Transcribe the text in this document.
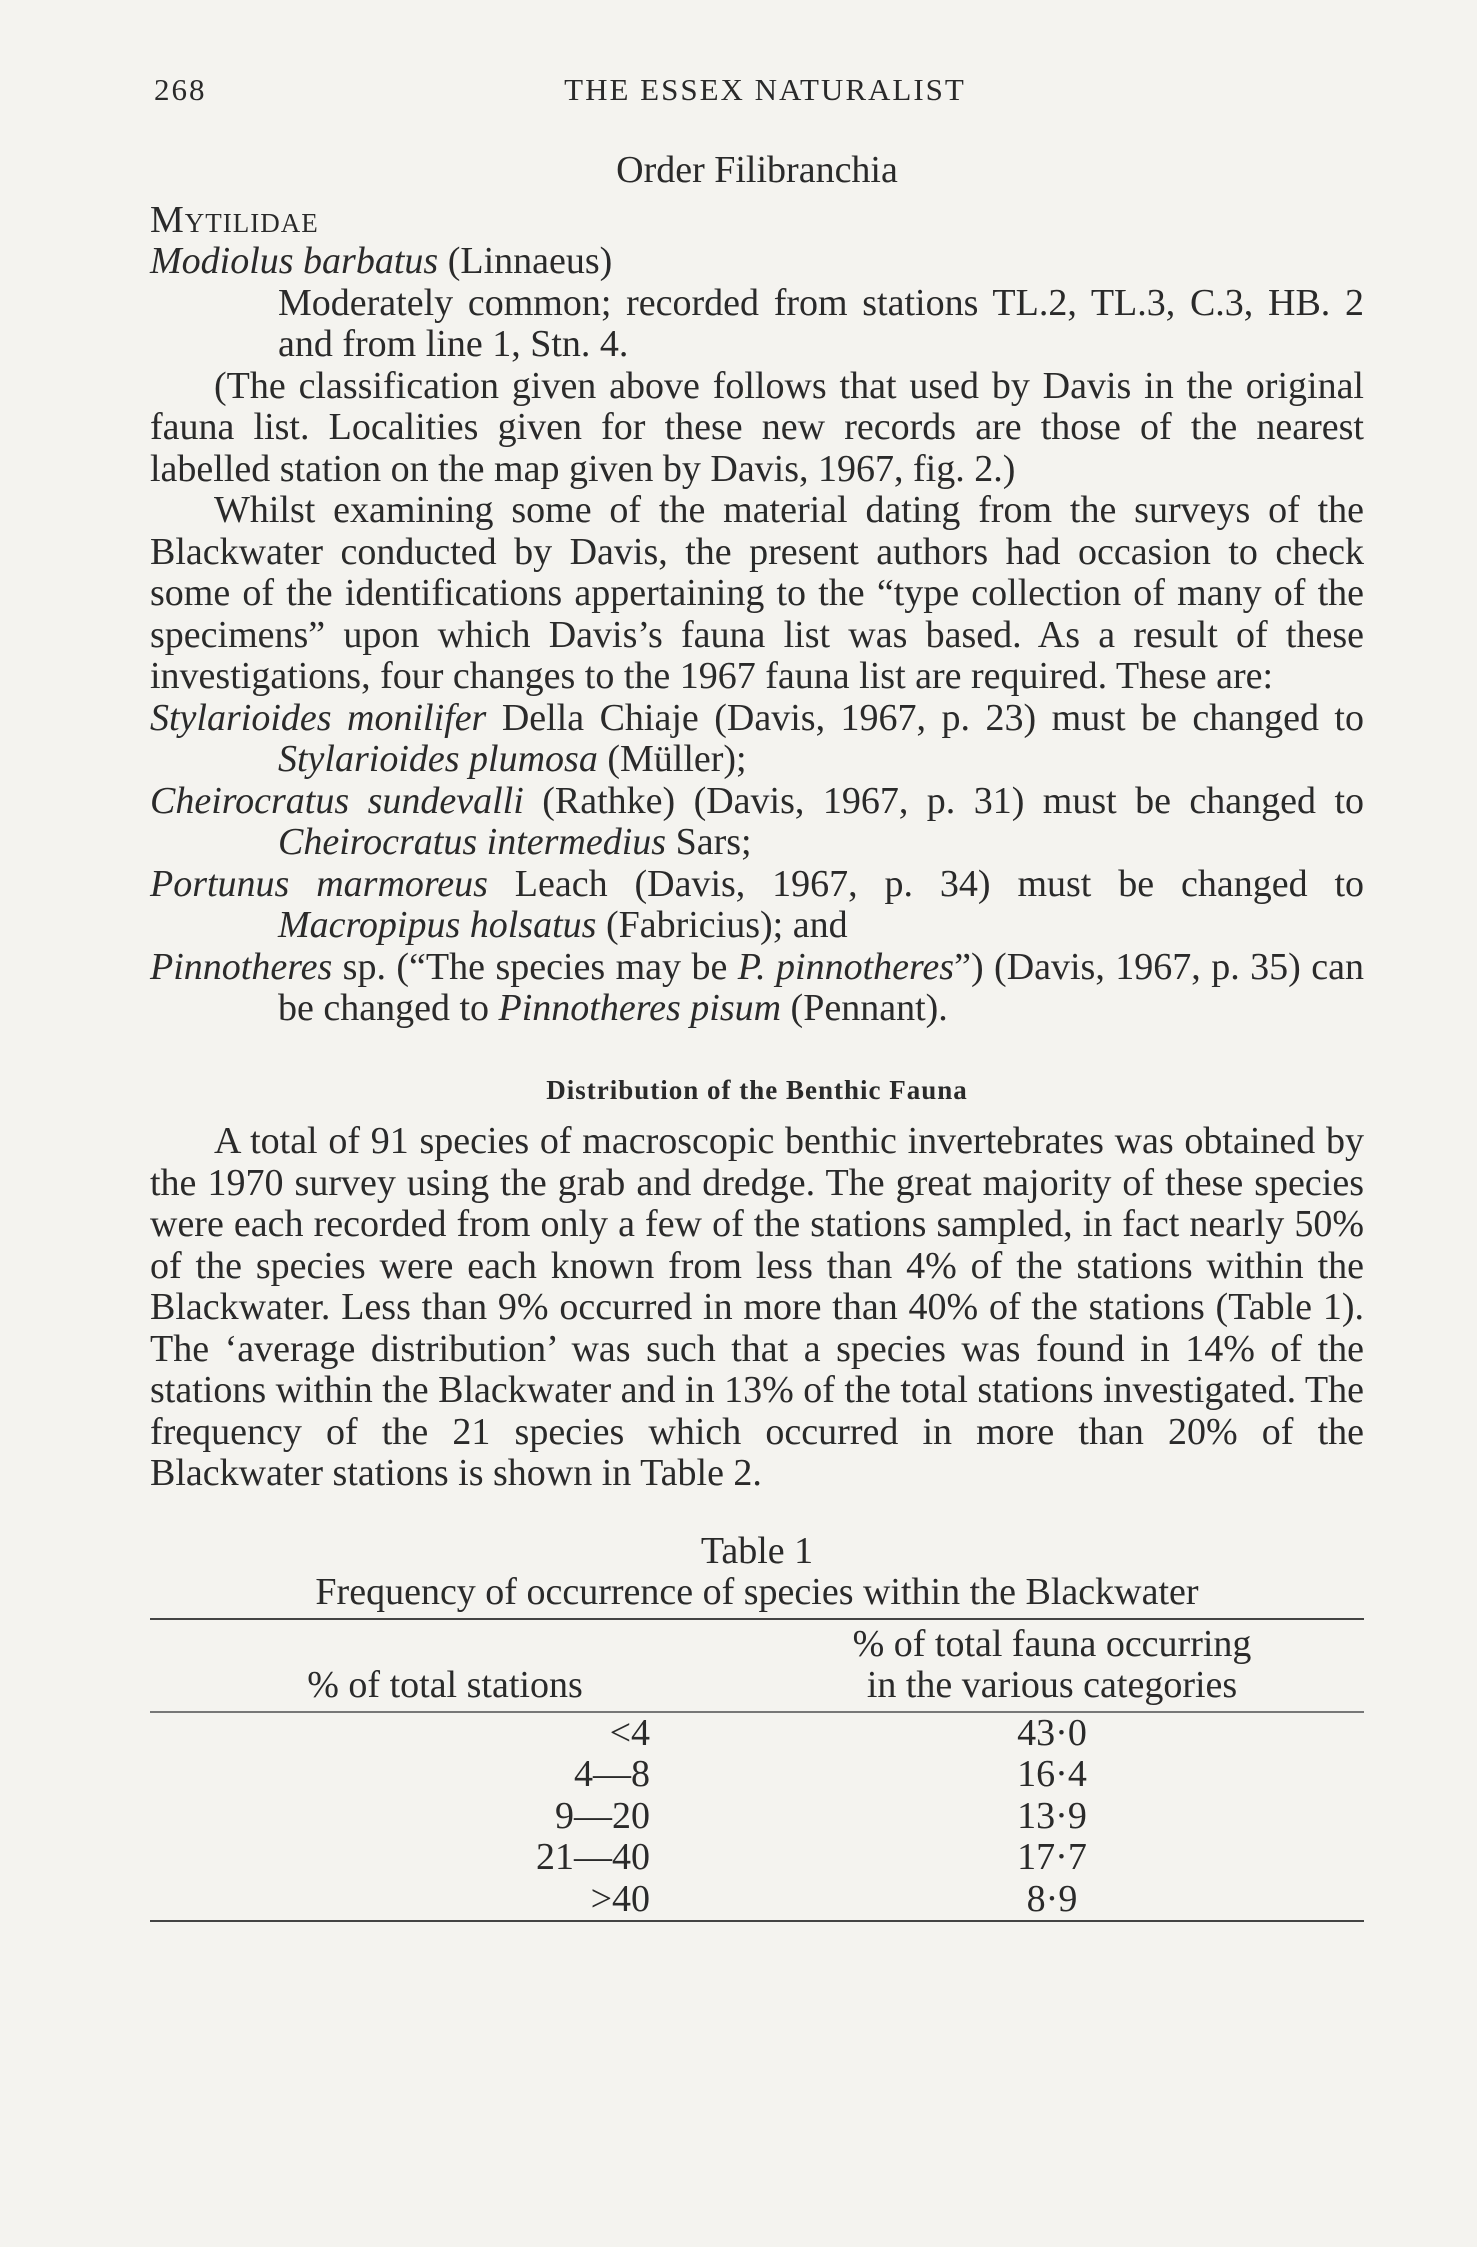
268	THE ESSEX NATURALIST
Order Filibranchia
Mytilidae
Modiolus barbatus (Linnaeus)
Moderately common; recorded from stations TL.2, TL.3, C.3, HB. 2 and from line 1, Stn. 4.

(The classification given above follows that used by Davis in the original fauna list. Localities given for these new records are those of the nearest labelled station on the map given by Davis, 1967, fig. 2.)

Whilst examining some of the material dating from the surveys of the Blackwater conducted by Davis, the present authors had occasion to check some of the identifications appertaining to the “type collection of many of the specimens” upon which Davis’s fauna list was based. As a result of these investigations, four changes to the 1967 fauna list are required. These are:

Stylarioides monilifer Della Chiaje (Davis, 1967, p. 23) must be changed to Stylarioides plumosa (Müller);
Cheirocratus sundevalli (Rathke) (Davis, 1967, p. 31) must be changed to Cheirocratus intermedius Sars;
Portunus marmoreus Leach (Davis, 1967, p. 34) must be changed to Macropipus holsatus (Fabricius); and
Pinnotheres sp. (“The species may be P. pinnotheres”) (Davis, 1967, p. 35) can be changed to Pinnotheres pisum (Pennant).
Distribution of the Benthic Fauna

A total of 91 species of macroscopic benthic invertebrates was obtained by the 1970 survey using the grab and dredge. The great majority of these species were each recorded from only a few of the stations sampled, in fact nearly 50% of the species were each known from less than 4% of the stations within the Blackwater. Less than 9% occurred in more than 40% of the stations (Table 1). The ‘average distribution’ was such that a species was found in 14% of the stations within the Blackwater and in 13% of the total stations investigated. The frequency of the 21 species which occurred in more than 20% of the Blackwater stations is shown in Table 2.

Table 1
Frequency of occurrence of species within the Blackwater
% of total stations	% of total fauna occurring
in the various categories

<4	43·0
4—8	16·4
9—20	13·9
21—40	17·7
>40	8·9
